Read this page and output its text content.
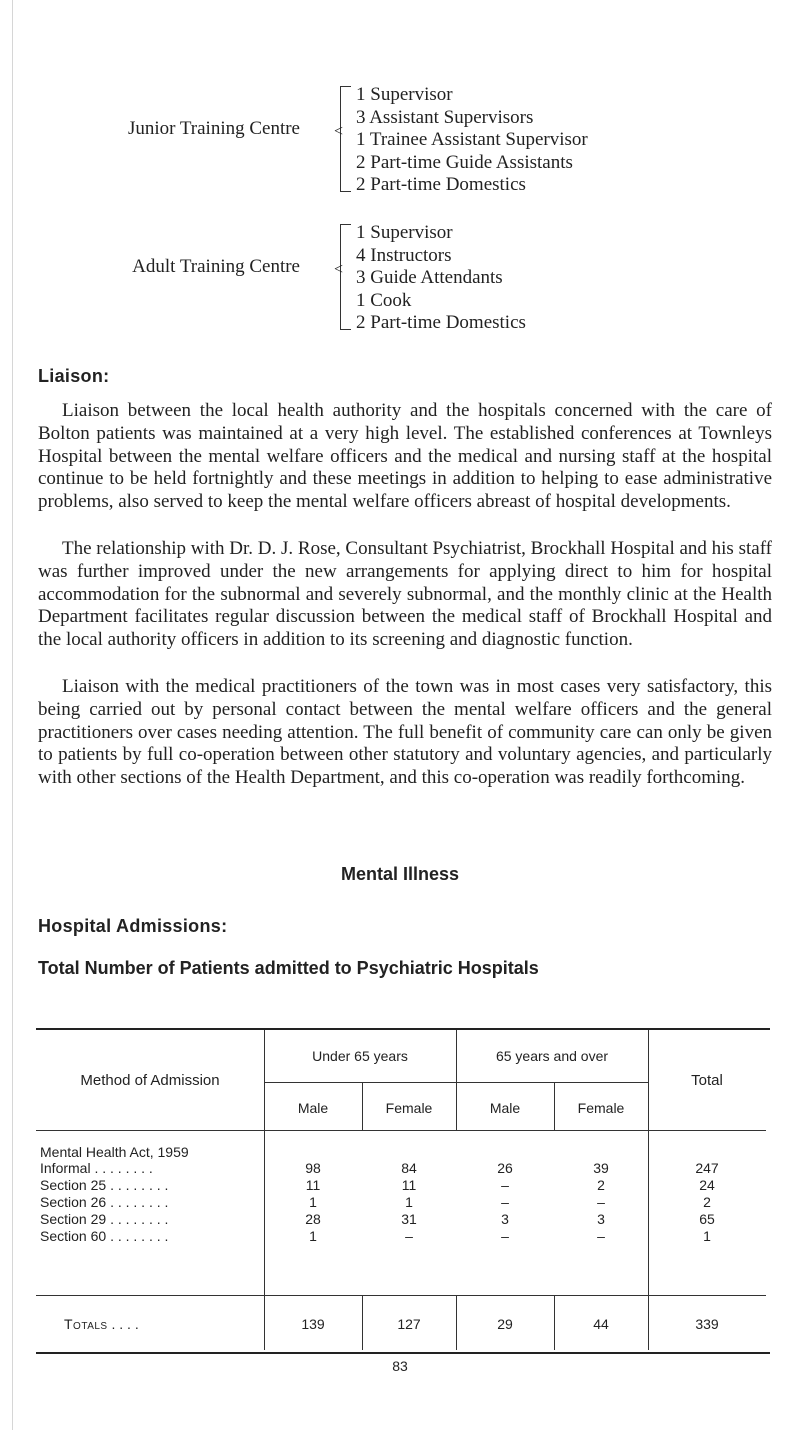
Junior Training Centre <
1 Supervisor
3 Assistant Supervisors
1 Trainee Assistant Supervisor
2 Part-time Guide Assistants
2 Part-time Domestics
Adult Training Centre <
1 Supervisor
4 Instructors
3 Guide Attendants
1 Cook
2 Part-time Domestics
Liaison:

Liaison between the local health authority and the hospitals concerned with the care of Bolton patients was maintained at a very high level. The established conferences at Townleys Hospital between the mental welfare officers and the medical and nursing staff at the hospital continue to be held fortnightly and these meetings in addition to helping to ease administrative problems, also served to keep the mental welfare officers abreast of hospital developments.

The relationship with Dr. D. J. Rose, Consultant Psychiatrist, Brockhall Hospital and his staff was further improved under the new arrangements for applying direct to him for hospital accommodation for the subnormal and severely subnormal, and the monthly clinic at the Health Department facilitates regular discussion between the medical staff of Brockhall Hospital and the local authority officers in addition to its screening and diagnostic function.

Liaison with the medical practitioners of the town was in most cases very satisfactory, this being carried out by personal contact between the mental welfare officers and the general practitioners over cases needing attention. The full benefit of community care can only be given to patients by full co-operation between other statutory and voluntary agencies, and particularly with other sections of the Health Department, and this co-operation was readily forthcoming.

Mental Illness
Hospital Admissions:
Total Number of Patients admitted to Psychiatric Hospitals
Method of Admission
Under 65 years	65 years and over
Total
Male	Female	Male	Female
Mental Health Act, 1959
Informal . . . . . . . .	98	84	26	39	247
Section 25 . . . . . . . .	11	11	–	2	24
Section 26 . . . . . . . .	1	1	–	–	2
Section 29 . . . . . . . .	28	31	3	3	65
Section 60 . . . . . . . .	1	–	–	–	1
Totals . . . .	139	127	29	44	339
83
